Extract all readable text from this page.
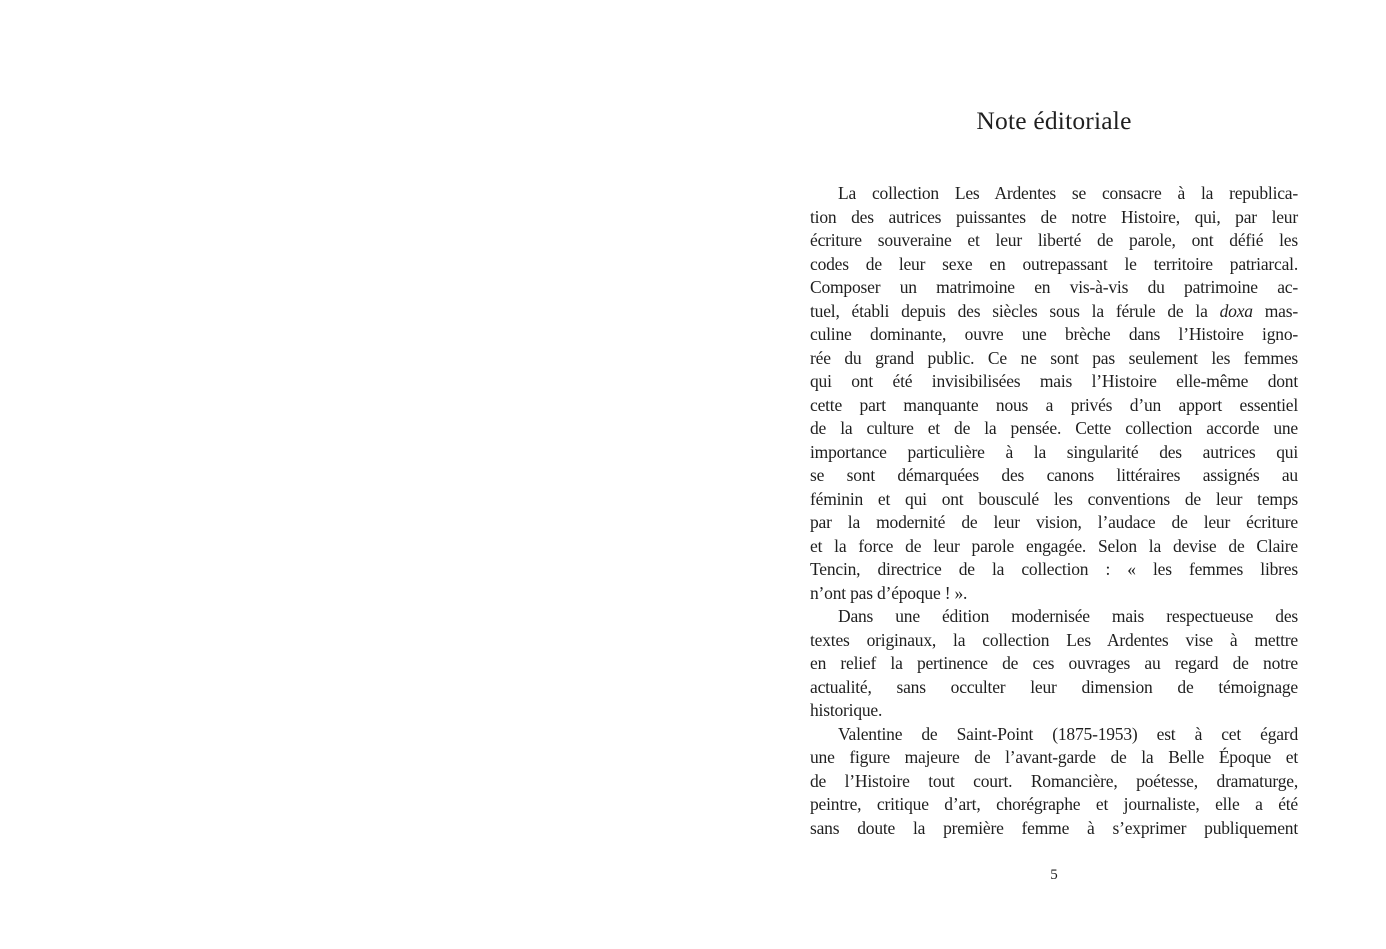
Note éditoriale
La collection Les Ardentes se consacre à la republica-
tion des autrices puissantes de notre Histoire, qui, par leur
écriture souveraine et leur liberté de parole, ont défié les
codes de leur sexe en outrepassant le territoire patriarcal.
Composer un matrimoine en vis-à-vis du patrimoine ac-
tuel, établi depuis des siècles sous la férule de la doxa mas-
culine dominante, ouvre une brèche dans l’Histoire igno-
rée du grand public. Ce ne sont pas seulement les femmes
qui ont été invisibilisées mais l’Histoire elle-même dont
cette part manquante nous a privés d’un apport essentiel
de la culture et de la pensée. Cette collection accorde une
importance particulière à la singularité des autrices qui
se sont démarquées des canons littéraires assignés au
féminin et qui ont bousculé les conventions de leur temps
par la modernité de leur vision, l’audace de leur écriture
et la force de leur parole engagée. Selon la devise de Claire
Tencin, directrice de la collection : « les femmes libres
n’ont pas d’époque ! ».
Dans une édition modernisée mais respectueuse des
textes originaux, la collection Les Ardentes vise à mettre
en relief la pertinence de ces ouvrages au regard de notre
actualité, sans occulter leur dimension de témoignage
historique.
Valentine de Saint-Point (1875-1953) est à cet égard
une figure majeure de l’avant-garde de la Belle Époque et
de l’Histoire tout court. Romancière, poétesse, dramaturge,
peintre, critique d’art, chorégraphe et journaliste, elle a été
sans doute la première femme à s’exprimer publiquement
5
